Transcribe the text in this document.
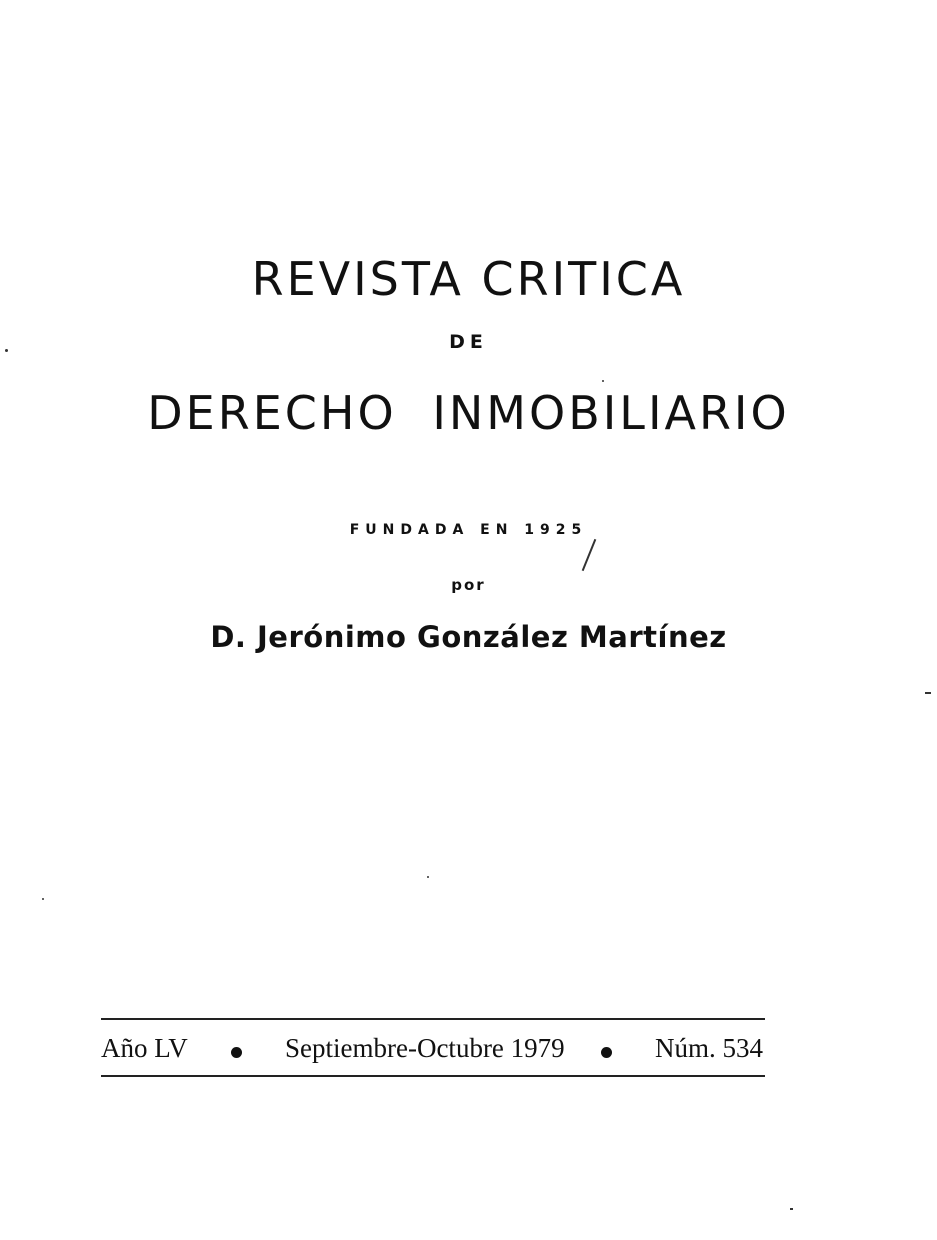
REVISTA CRITICA
DE
DERECHO INMOBILIARIO
FUNDADA EN 1925
por
D. Jerónimo González Martínez
Año LV	Septiembre-Octubre 1979	Núm. 534
